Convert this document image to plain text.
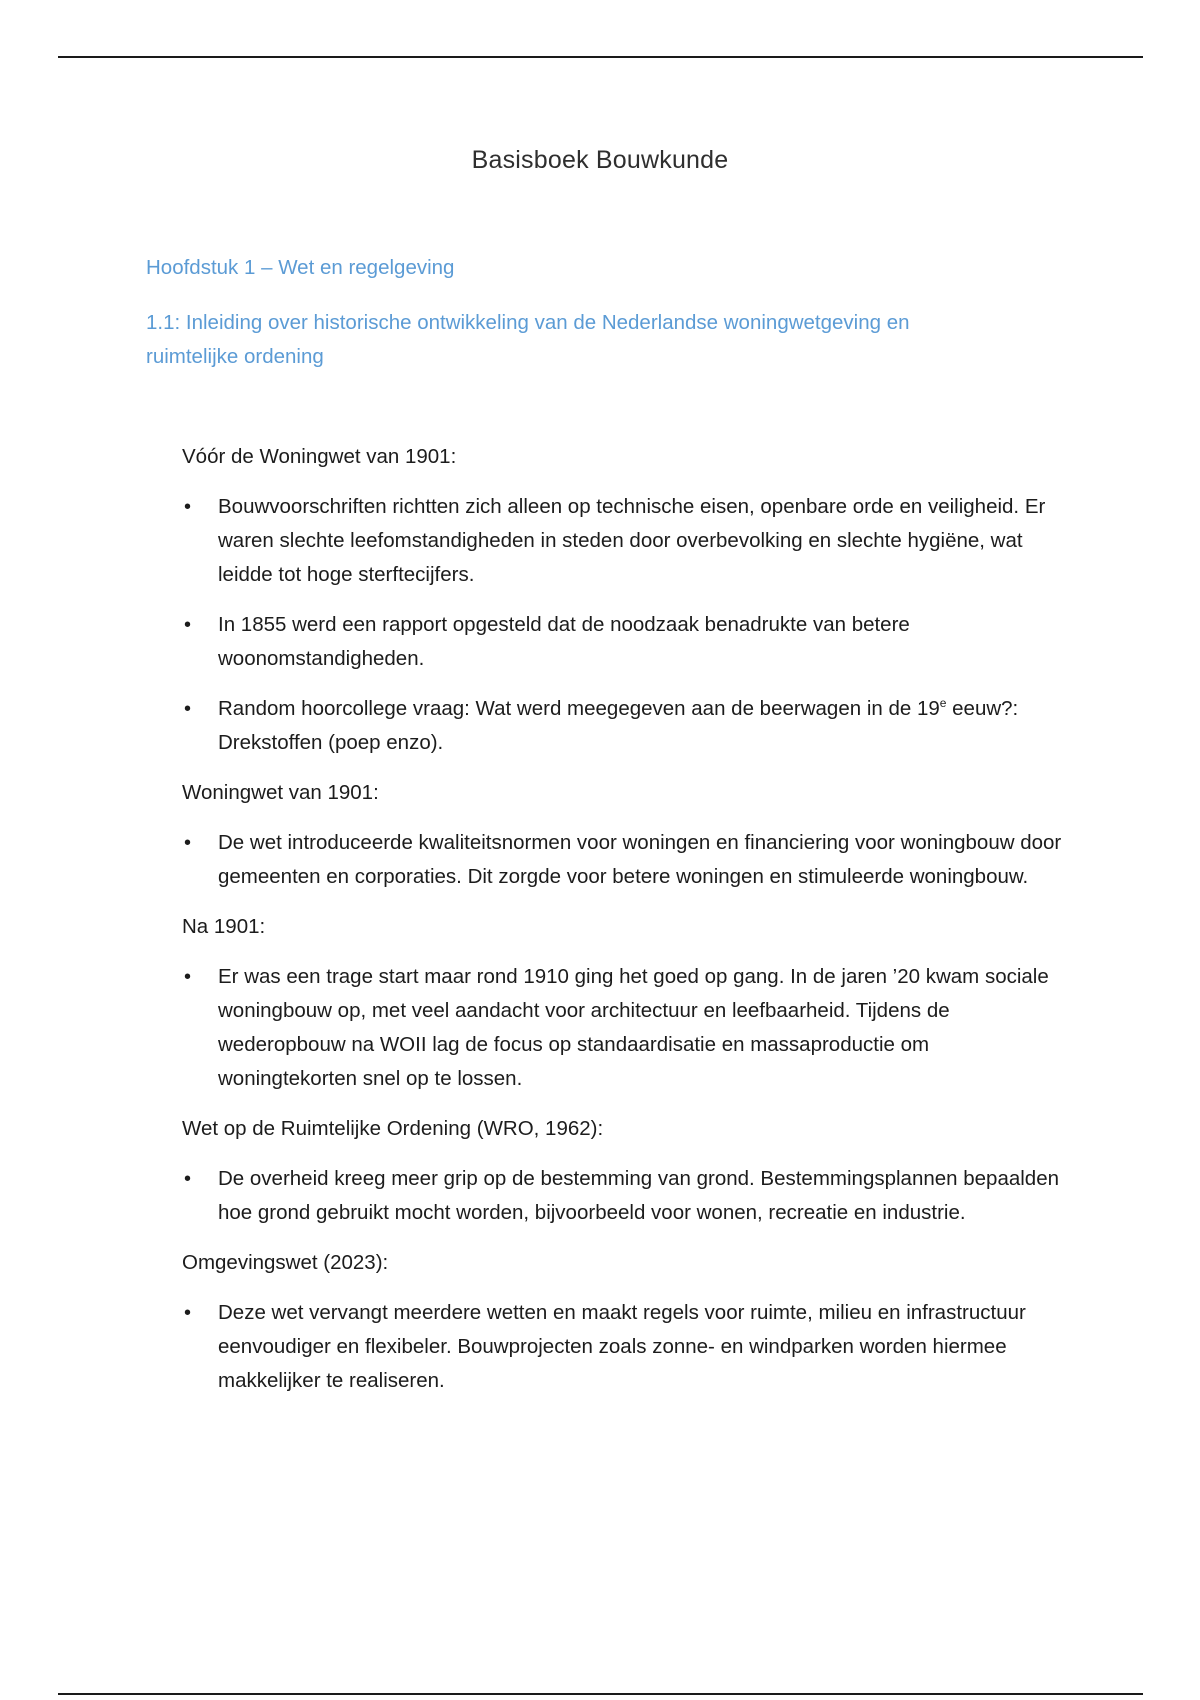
Basisboek Bouwkunde
Hoofdstuk 1 – Wet en regelgeving
1.1: Inleiding over historische ontwikkeling van de Nederlandse woningwetgeving en ruimtelijke ordening

Vóór de Woningwet van 1901:

• Bouwvoorschriften richtten zich alleen op technische eisen, openbare orde en veiligheid. Er waren slechte leefomstandigheden in steden door overbevolking en slechte hygiëne, wat leidde tot hoge sterftecijfers.
• In 1855 werd een rapport opgesteld dat de noodzaak benadrukte van betere woonomstandigheden.
• Random hoorcollege vraag: Wat werd meegegeven aan de beerwagen in de 19e eeuw?: Drekstoffen (poep enzo).

Woningwet van 1901:

• De wet introduceerde kwaliteitsnormen voor woningen en financiering voor woningbouw door gemeenten en corporaties. Dit zorgde voor betere woningen en stimuleerde woningbouw.

Na 1901:

• Er was een trage start maar rond 1910 ging het goed op gang. In de jaren ’20 kwam sociale woningbouw op, met veel aandacht voor architectuur en leefbaarheid. Tijdens de wederopbouw na WOII lag de focus op standaardisatie en massaproductie om woningtekorten snel op te lossen.

Wet op de Ruimtelijke Ordening (WRO, 1962):

• De overheid kreeg meer grip op de bestemming van grond. Bestemmingsplannen bepaalden hoe grond gebruikt mocht worden, bijvoorbeeld voor wonen, recreatie en industrie.

Omgevingswet (2023):

• Deze wet vervangt meerdere wetten en maakt regels voor ruimte, milieu en infrastructuur eenvoudiger en flexibeler. Bouwprojecten zoals zonne- en windparken worden hiermee makkelijker te realiseren.
